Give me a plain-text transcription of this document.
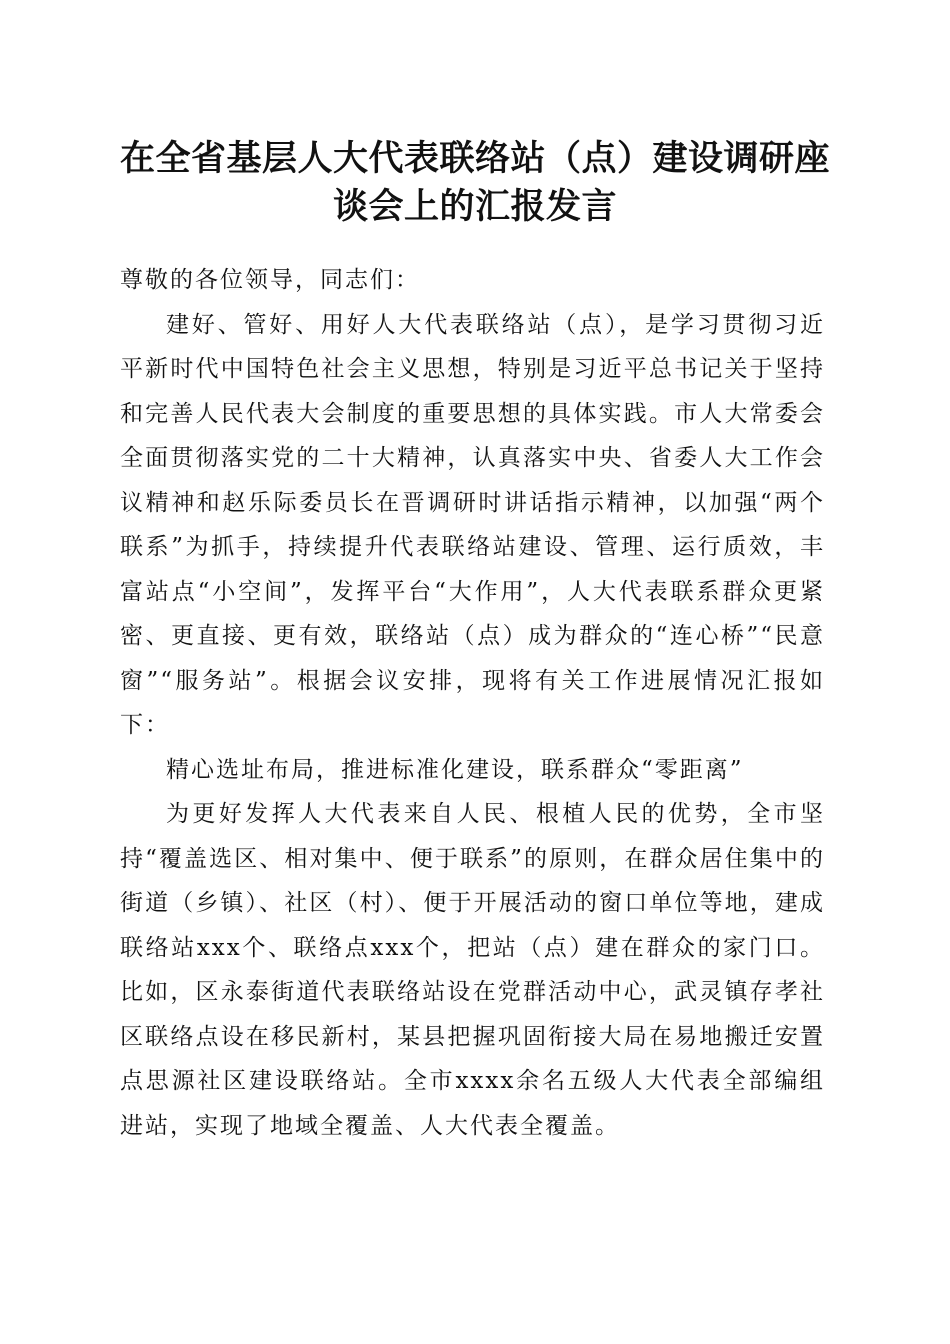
在全省基层人大代表联络站（点）建设调研座
谈会上的汇报发言

尊敬的各位领导，同志们：

建好、管好、用好人大代表联络站（点），是学习贯彻习近平新时代中国特色社会主义思想，特别是习近平总书记关于坚持和完善人民代表大会制度的重要思想的具体实践。市人大常委会全面贯彻落实党的二十大精神，认真落实中央、省委人大工作会议精神和赵乐际委员长在晋调研时讲话指示精神，以加强“两个联系”为抓手，持续提升代表联络站建设、管理、运行质效，丰富站点“小空间”，发挥平台“大作用”，人大代表联系群众更紧密、更直接、更有效，联络站（点）成为群众的“连心桥”“民意窗”“服务站”。根据会议安排，现将有关工作进展情况汇报如下：

精心选址布局，推进标准化建设，联系群众“零距离”

为更好发挥人大代表来自人民、根植人民的优势，全市坚持“覆盖选区、相对集中、便于联系”的原则，在群众居住集中的街道（乡镇）、社区（村）、便于开展活动的窗口单位等地，建成联络站xxx个、联络点xxx个，把站（点）建在群众的家门口。比如，区永泰街道代表联络站设在党群活动中心，武灵镇存孝社区联络点设在移民新村，某县把握巩固衔接大局在易地搬迁安置点思源社区建设联络站。全市xxxx余名五级人大代表全部编组进站，实现了地域全覆盖、人大代表全覆盖。
